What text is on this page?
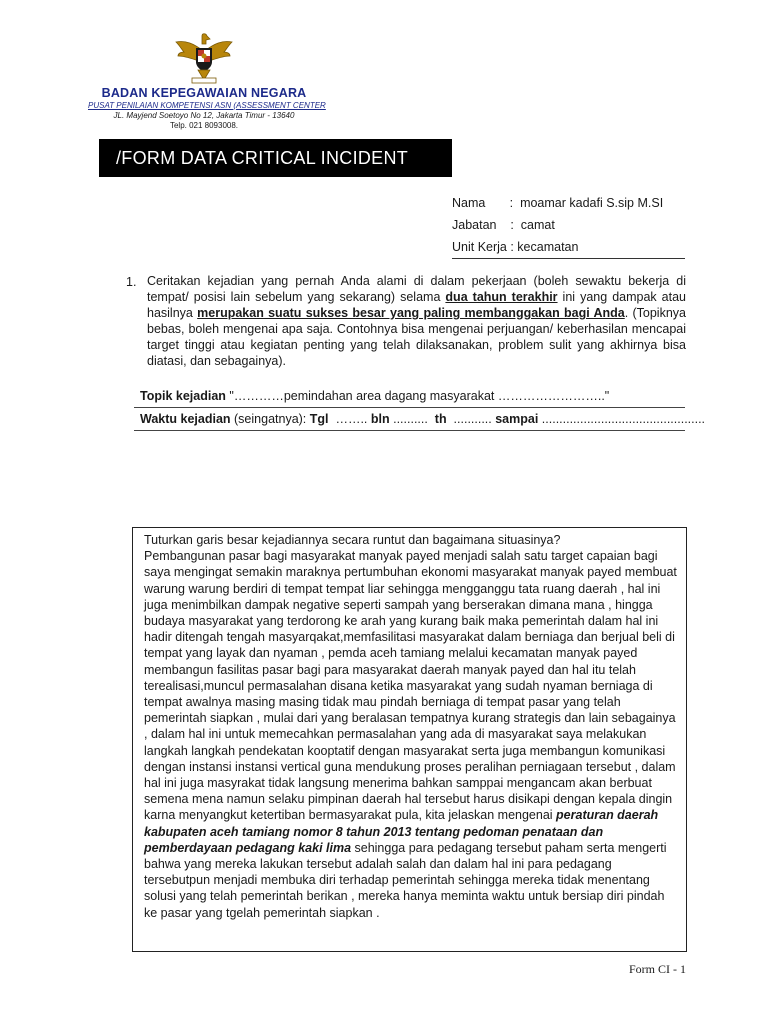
BADAN KEPEGAWAIAN NEGARA
PUSAT PENILAIAN KOMPETENSI ASN (ASSESSMENT CENTER
JL. Mayjend Soetoyo No 12, Jakarta Timur - 13640
Telp. 021 8093008.
/FORM DATA CRITICAL INCIDENT
Nama       :  moamar kadafi S.sip M.SI
Jabatan    :  camat
Unit Kerja : kecamatan
1. Ceritakan kejadian yang pernah Anda alami di dalam pekerjaan (boleh sewaktu bekerja di tempat/ posisi lain sebelum yang sekarang) selama dua tahun terakhir ini yang dampak atau hasilnya merupakan suatu sukses besar yang paling membanggakan bagi Anda. (Topiknya bebas, boleh mengenai apa saja. Contohnya bisa mengenai perjuangan/ keberhasilan mencapai target tinggi atau kegiatan penting yang telah dilaksanakan, problem sulit yang akhirnya bisa diatasi, dan sebagainya).
Topik kejadian "…………pemindahan area dagang masyarakat …………………….."
Waktu kejadian (seingatnya): Tgl  …….. bln ..........  th  ........... sampai ...............................................
Tuturkan garis besar kejadiannya secara runtut dan bagaimana situasinya?
Pembangunan pasar bagi masyarakat manyak payed menjadi salah satu target capaian bagi saya mengingat semakin maraknya pertumbuhan ekonomi masyarakat manyak payed membuat warung warung berdiri di tempat tempat liar sehingga mengganggu tata ruang daerah , hal ini juga menimbilkan dampak negative seperti sampah yang berserakan dimana mana , hingga budaya masyarakat yang terdorong ke arah yang kurang baik maka pemerintah dalam hal ini hadir ditengah tengah masyarqakat,memfasilitasi masyarakat dalam berniaga dan berjual beli di tempat yang layak dan nyaman , pemda aceh tamiang melalui kecamatan manyak payed membangun fasilitas pasar bagi para masyarakat daerah manyak payed dan hal itu telah terealisasi,muncul permasalahan disana ketika masyarakat yang sudah nyaman berniaga di tempat awalnya masing masing tidak mau pindah berniaga di tempat pasar yang telah pemerintah siapkan , mulai dari yang beralasan tempatnya kurang strategis dan lain sebagainya , dalam hal ini untuk memecahkan permasalahan yang ada di masyarakat saya melakukan langkah langkah pendekatan kooptatif dengan masyarakat serta juga membangun komunikasi dengan instansi instansi vertical guna mendukung proses peralihan perniagaan tersebut , dalam hal ini juga masyrakat tidak langsung menerima bahkan samppai mengancam akan berbuat semena mena namun selaku pimpinan daerah hal tersebut harus disikapi dengan kepala dingin karna menyangkut ketertiban bermasyarakat pula, kita jelaskan mengenai peraturan daerah kabupaten aceh tamiang nomor 8 tahun 2013 tentang pedoman penataan dan pemberdayaan pedagang kaki lima sehingga para pedagang tersebut paham serta mengerti bahwa yang mereka lakukan tersebut adalah salah dan dalam hal ini para pedagang tersebutpun menjadi membuka diri terhadap pemerintah sehingga mereka tidak menentang solusi yang telah pemerintah berikan , mereka hanya meminta waktu untuk bersiap diri pindah ke pasar yang tgelah pemerintah siapkan .
Form CI - 1
